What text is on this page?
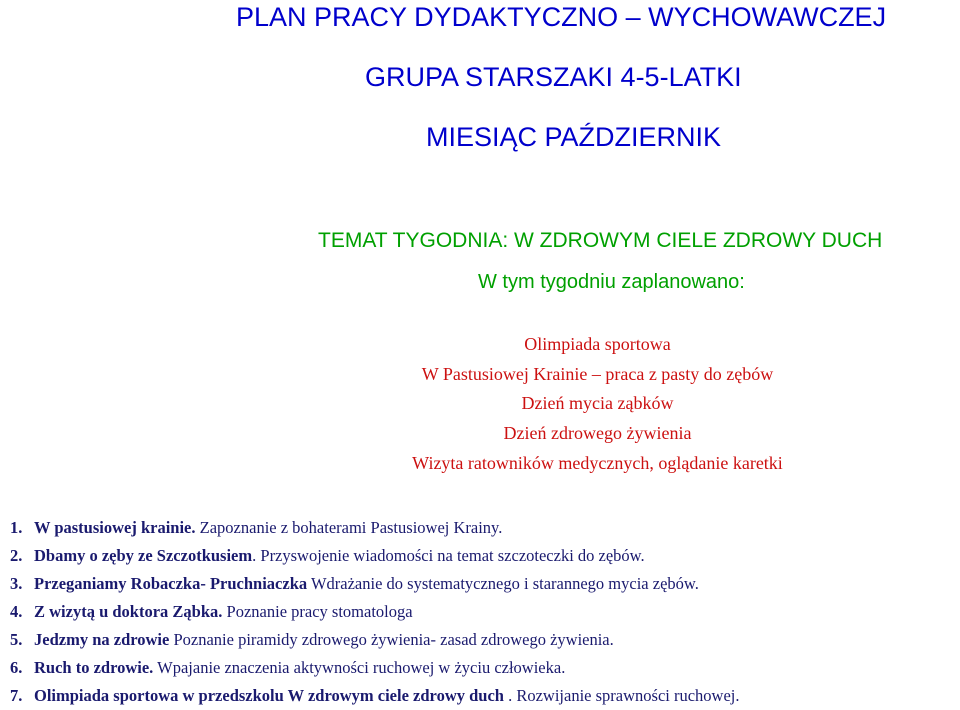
PLAN PRACY DYDAKTYCZNO – WYCHOWAWCZEJ
GRUPA STARSZAKI 4-5-LATKI
MIESIĄC PAŹDZIERNIK
TEMAT TYGODNIA: W ZDROWYM CIELE ZDROWY DUCH
W tym tygodniu zaplanowano:
Olimpiada sportowa
W Pastusiowej Krainie – praca z pasty do zębów
Dzień mycia ząbków
Dzień zdrowego żywienia
Wizyta ratowników medycznych, oglądanie karetki
1. W pastusiowej krainie. Zapoznanie z bohaterami Pastusiowej Krainy.
2. Dbamy o zęby ze Szczotkusiem. Przyswojenie wiadomości na temat szczoteczki do zębów.
3. Przeganiamy Robaczka- Pruchniaczka Wdrażanie do systematycznego i starannego mycia zębów.
4. Z wizytą u doktora Ząbka. Poznanie pracy stomatologa
5. Jedzmy na zdrowie Poznanie piramidy zdrowego żywienia- zasad zdrowego żywienia.
6. Ruch to zdrowie. Wpajanie znaczenia aktywności ruchowej w życiu człowieka.
7. Olimpiada sportowa w przedszkolu W zdrowym ciele zdrowy duch . Rozwijanie sprawności ruchowej.
